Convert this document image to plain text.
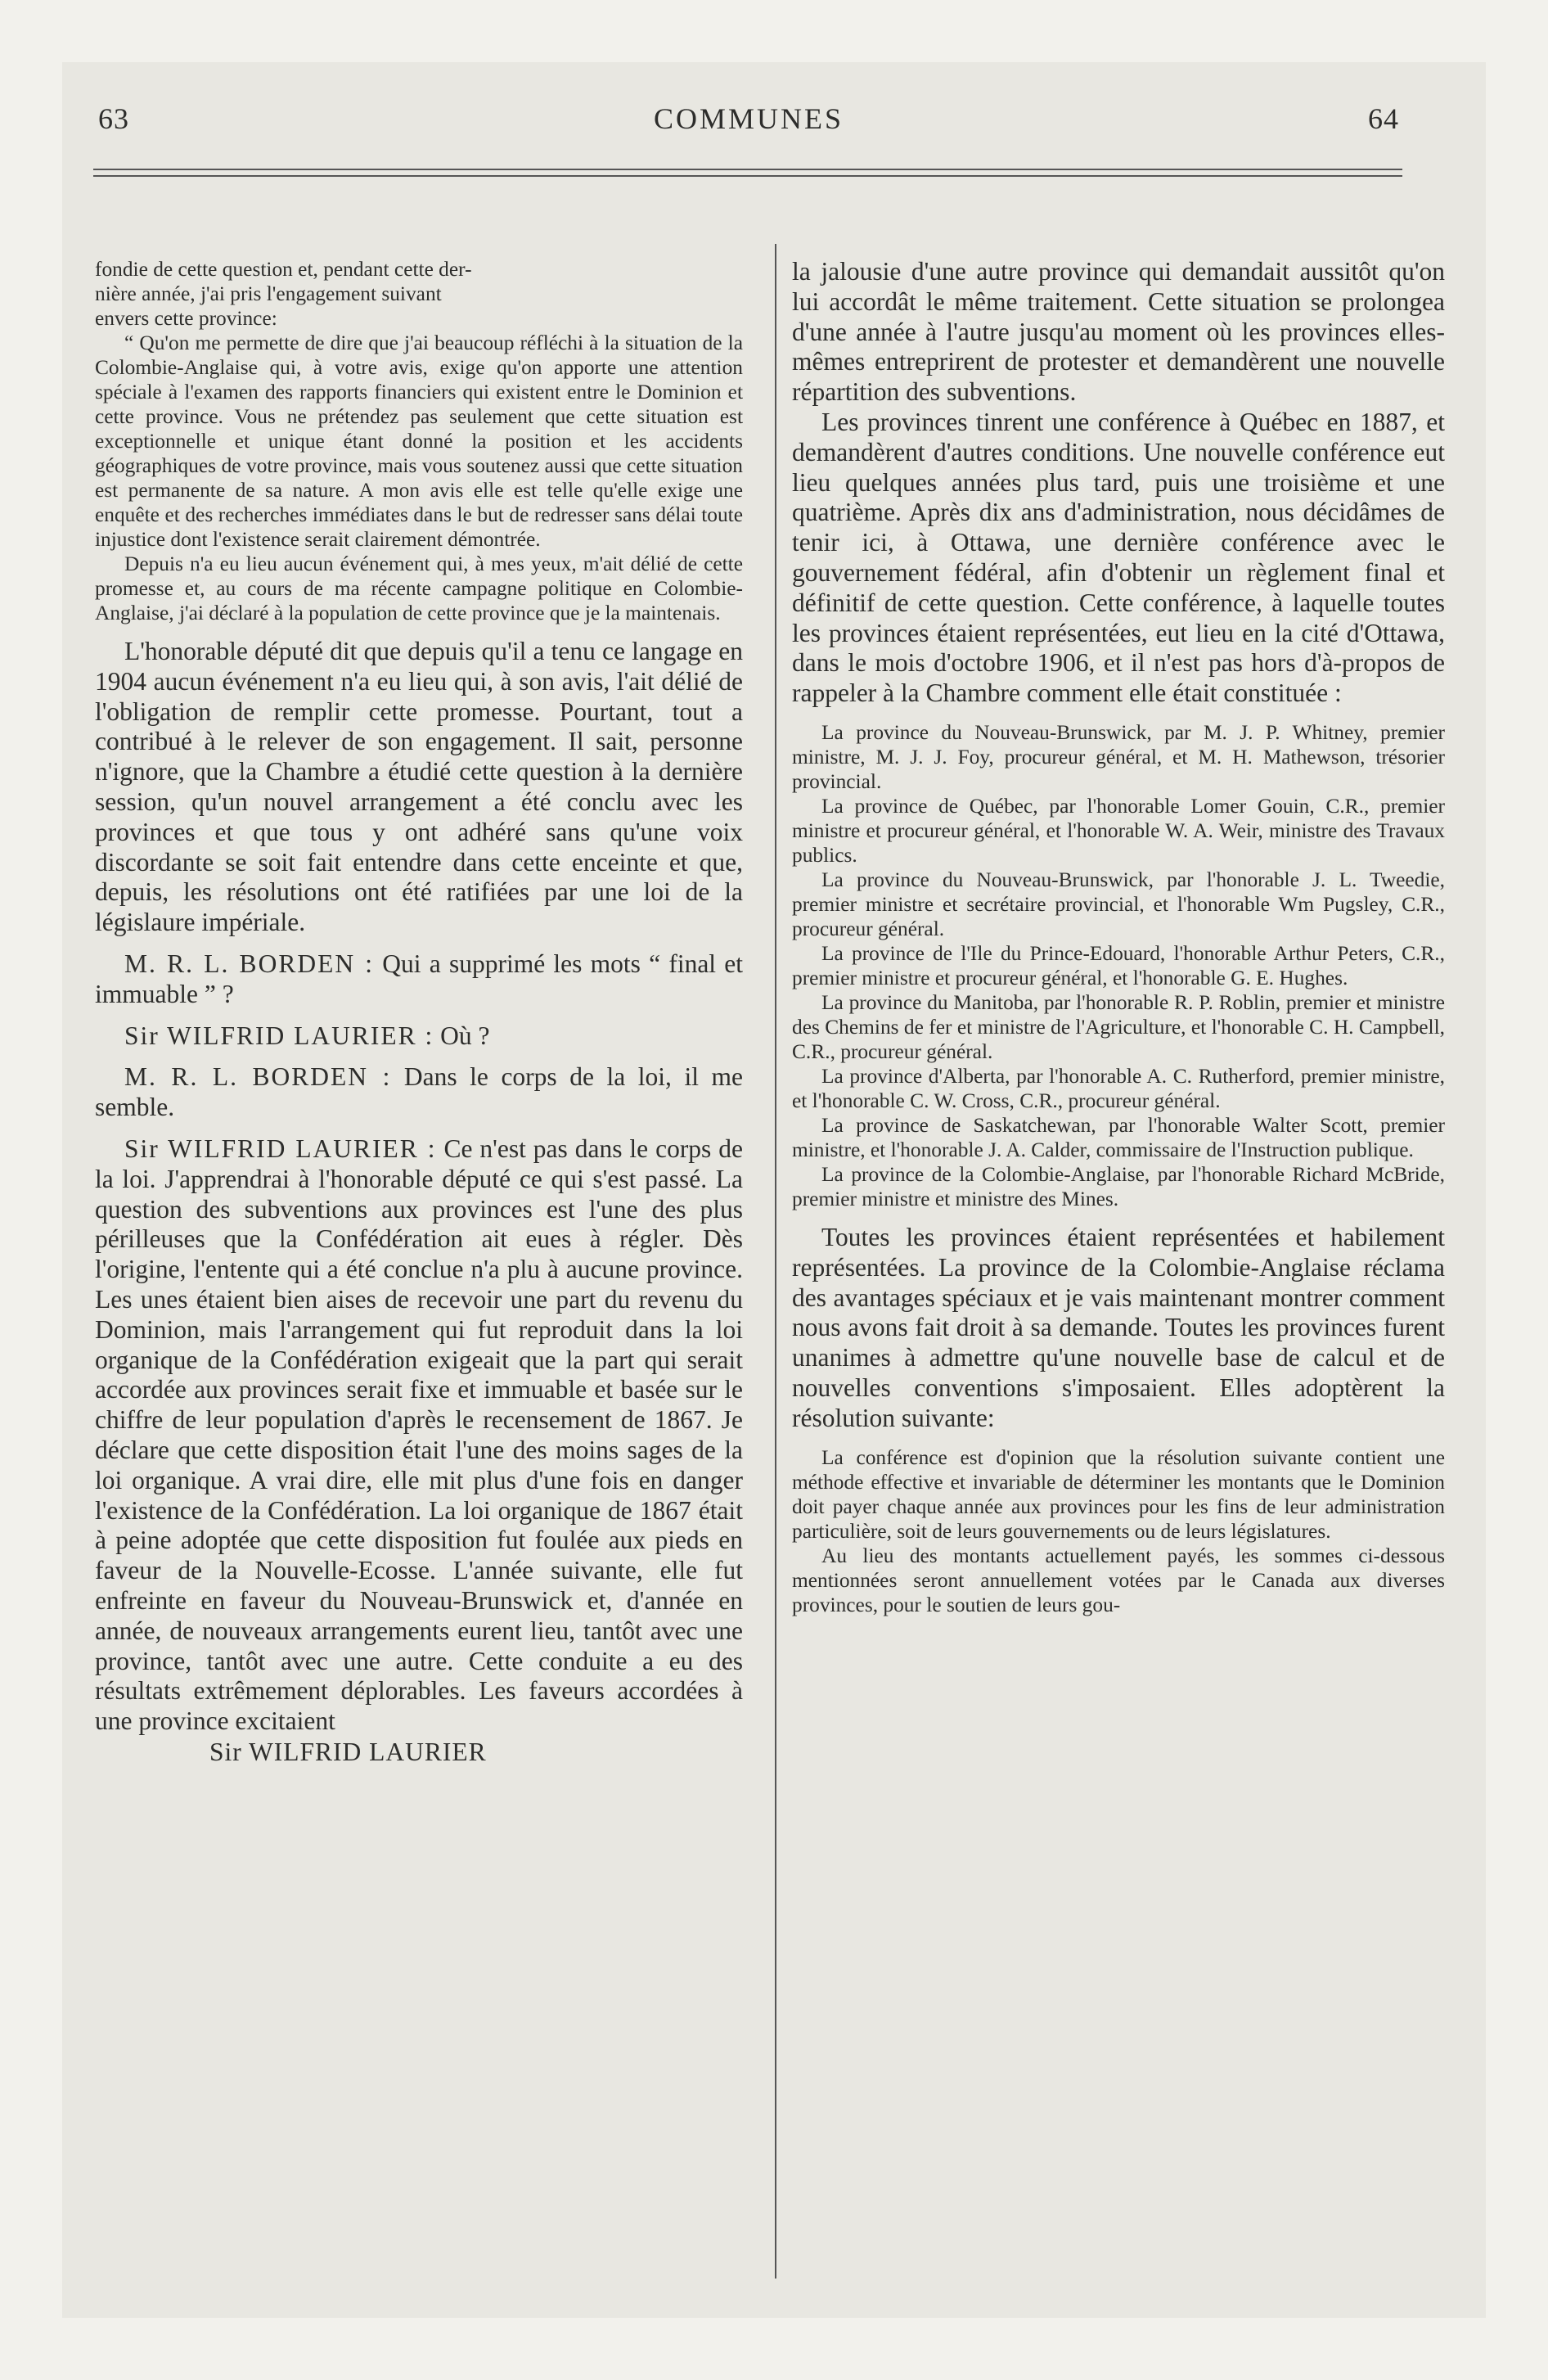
63	COMMUNES	64

fondie de cette question et, pendant cette der-

nière année, j'ai pris l'engagement suivant

envers cette province:

“ Qu'on me permette de dire que j'ai beaucoup réfléchi à la situation de la Colombie-Anglaise qui, à votre avis, exige qu'on apporte une attention spéciale à l'examen des rapports financiers qui existent entre le Dominion et cette province. Vous ne prétendez pas seulement que cette situation est exceptionnelle et unique étant donné la position et les accidents géographiques de votre province, mais vous soutenez aussi que cette situation est permanente de sa nature. A mon avis elle est telle qu'elle exige une enquête et des recherches immédiates dans le but de redresser sans délai toute injustice dont l'existence serait clairement démontrée.

Depuis n'a eu lieu aucun événement qui, à mes yeux, m'ait délié de cette promesse et, au cours de ma récente campagne politique en Colombie-Anglaise, j'ai déclaré à la population de cette province que je la maintenais.

L'honorable député dit que depuis qu'il a tenu ce langage en 1904 aucun événement n'a eu lieu qui, à son avis, l'ait délié de l'obligation de remplir cette promesse. Pourtant, tout a contribué à le relever de son engagement. Il sait, personne n'ignore, que la Chambre a étudié cette question à la dernière session, qu'un nouvel arrangement a été conclu avec les provinces et que tous y ont adhéré sans qu'une voix discordante se soit fait entendre dans cette enceinte et que, depuis, les résolutions ont été ratifiées par une loi de la législaure impériale.

M. R. L. BORDEN : Qui a supprimé les mots “ final et immuable ” ?

Sir WILFRID LAURIER : Où ?

M. R. L. BORDEN : Dans le corps de la loi, il me semble.

Sir WILFRID LAURIER : Ce n'est pas dans le corps de la loi. J'apprendrai à l'honorable député ce qui s'est passé. La question des subventions aux provinces est l'une des plus périlleuses que la Confédération ait eues à régler. Dès l'origine, l'entente qui a été conclue n'a plu à aucune province. Les unes étaient bien aises de recevoir une part du revenu du Dominion, mais l'arrangement qui fut reproduit dans la loi organique de la Confédération exigeait que la part qui serait accordée aux provinces serait fixe et immuable et basée sur le chiffre de leur population d'après le recensement de 1867. Je déclare que cette disposition était l'une des moins sages de la loi organique. A vrai dire, elle mit plus d'une fois en danger l'existence de la Confédération. La loi organique de 1867 était à peine adoptée que cette disposition fut foulée aux pieds en faveur de la Nouvelle-Ecosse. L'année suivante, elle fut enfreinte en faveur du Nouveau-Brunswick et, d'année en année, de nouveaux arrangements eurent lieu, tantôt avec une province, tantôt avec une autre. Cette conduite a eu des résultats extrêmement déplorables. Les faveurs accordées à une province excitaient

Sir WILFRID LAURIER

la jalousie d'une autre province qui demandait aussitôt qu'on lui accordât le même traitement. Cette situation se prolongea d'une année à l'autre jusqu'au moment où les provinces elles-mêmes entreprirent de protester et demandèrent une nouvelle répartition des subventions.

Les provinces tinrent une conférence à Québec en 1887, et demandèrent d'autres conditions. Une nouvelle conférence eut lieu quelques années plus tard, puis une troisième et une quatrième. Après dix ans d'administration, nous décidâmes de tenir ici, à Ottawa, une dernière conférence avec le gouvernement fédéral, afin d'obtenir un règlement final et définitif de cette question. Cette conférence, à laquelle toutes les provinces étaient représentées, eut lieu en la cité d'Ottawa, dans le mois d'octobre 1906, et il n'est pas hors d'à-propos de rappeler à la Chambre comment elle était constituée :

La province du Nouveau-Brunswick, par M. J. P. Whitney, premier ministre, M. J. J. Foy, procureur général, et M. H. Mathewson, trésorier provincial.

La province de Québec, par l'honorable Lomer Gouin, C.R., premier ministre et procureur général, et l'honorable W. A. Weir, ministre des Travaux publics.

La province du Nouveau-Brunswick, par l'honorable J. L. Tweedie, premier ministre et secrétaire provincial, et l'honorable Wm Pugsley, C.R., procureur général.

La province de l'Ile du Prince-Edouard, l'honorable Arthur Peters, C.R., premier ministre et procureur général, et l'honorable G. E. Hughes.

La province du Manitoba, par l'honorable R. P. Roblin, premier et ministre des Chemins de fer et ministre de l'Agriculture, et l'honorable C. H. Campbell, C.R., procureur général.

La province d'Alberta, par l'honorable A. C. Rutherford, premier ministre, et l'honorable C. W. Cross, C.R., procureur général.

La province de Saskatchewan, par l'honorable Walter Scott, premier ministre, et l'honorable J. A. Calder, commissaire de l'Instruction publique.

La province de la Colombie-Anglaise, par l'honorable Richard McBride, premier ministre et ministre des Mines.

Toutes les provinces étaient représentées et habilement représentées. La province de la Colombie-Anglaise réclama des avantages spéciaux et je vais maintenant montrer comment nous avons fait droit à sa demande. Toutes les provinces furent unanimes à admettre qu'une nouvelle base de calcul et de nouvelles conventions s'imposaient. Elles adoptèrent la résolution suivante:

La conférence est d'opinion que la résolution suivante contient une méthode effective et invariable de déterminer les montants que le Dominion doit payer chaque année aux provinces pour les fins de leur administration particulière, soit de leurs gouvernements ou de leurs législatures.

Au lieu des montants actuellement payés, les sommes ci-dessous mentionnées seront annuellement votées par le Canada aux diverses provinces, pour le soutien de leurs gou-
